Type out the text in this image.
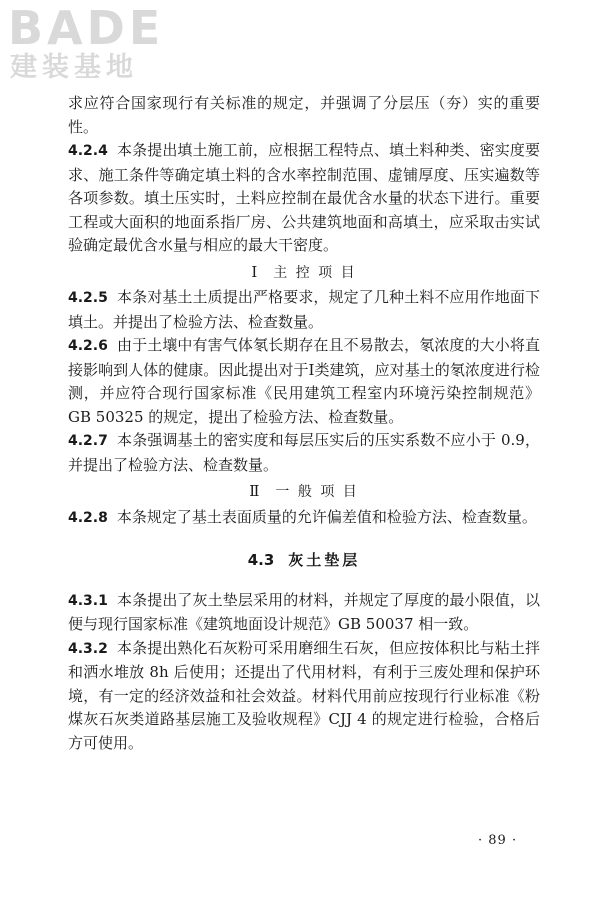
BADE
建装基地

求应符合国家现行有关标准的规定，并强调了分层压（夯）实的重要性。

4.2.4 本条提出填土施工前，应根据工程特点、填土料种类、密实度要求、施工条件等确定填土料的含水率控制范围、虚铺厚度、压实遍数等各项参数。填土压实时，土料应控制在最优含水量的状态下进行。重要工程或大面积的地面系指厂房、公共建筑地面和高填土，应采取击实试验确定最优含水量与相应的最大干密度。

Ⅰ 主 控 项 目

4.2.5 本条对基土土质提出严格要求，规定了几种土料不应用作地面下填土。并提出了检验方法、检查数量。

4.2.6 由于土壤中有害气体氡长期存在且不易散去，氡浓度的大小将直接影响到人体的健康。因此提出对于Ⅰ类建筑，应对基土的氡浓度进行检测，并应符合现行国家标准《民用建筑工程室内环境污染控制规范》GB 50325 的规定，提出了检验方法、检查数量。

4.2.7 本条强调基土的密实度和每层压实后的压实系数不应小于 0.9，并提出了检验方法、检查数量。

Ⅱ 一 般 项 目

4.2.8 本条规定了基土表面质量的允许偏差值和检验方法、检查数量。

4.3 灰土垫层

4.3.1 本条提出了灰土垫层采用的材料，并规定了厚度的最小限值，以便与现行国家标准《建筑地面设计规范》GB 50037 相一致。

4.3.2 本条提出熟化石灰粉可采用磨细生石灰，但应按体积比与粘土拌和洒水堆放 8h 后使用；还提出了代用材料，有利于三废处理和保护环境，有一定的经济效益和社会效益。材料代用前应按现行行业标准《粉煤灰石灰类道路基层施工及验收规程》CJJ 4 的规定进行检验，合格后方可使用。

· 89 ·
